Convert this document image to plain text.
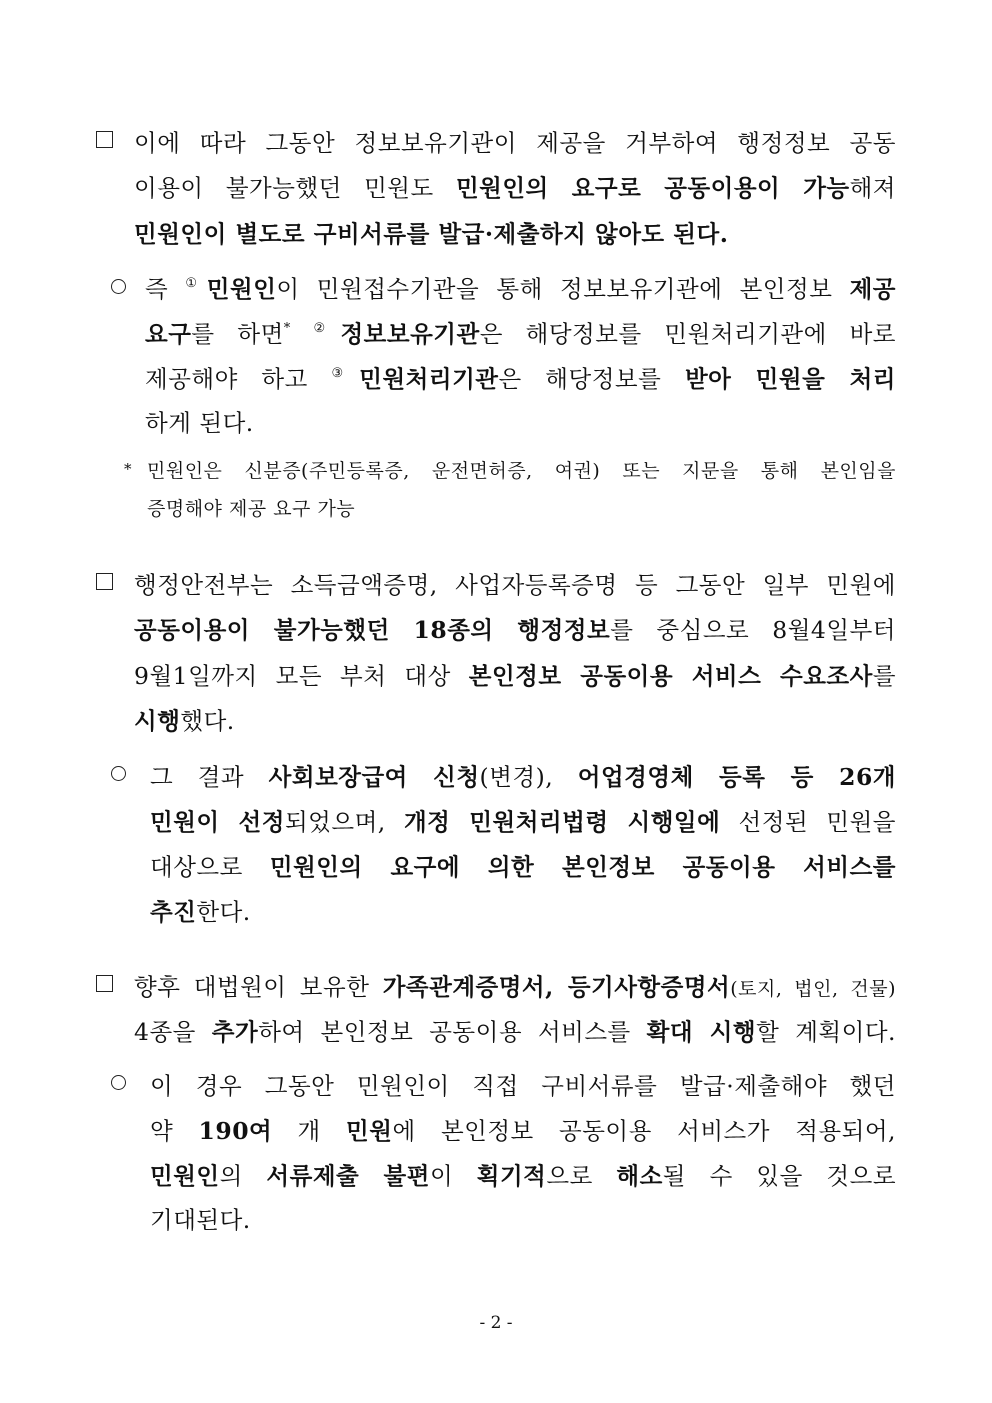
이에 따라 그동안 정보보유기관이 제공을 거부하여 행정정보 공동
이용이 불가능했던 민원도 민원인의 요구로 공동이용이 가능해져
민원인이 별도로 구비서류를 발급·제출하지 않아도 된다.
즉 ①민원인이 민원접수기관을 통해 정보보유기관에 본인정보 제공
요구를 하면* ②정보보유기관은 해당정보를 민원처리기관에 바로
제공해야 하고 ③민원처리기관은 해당정보를 받아 민원을 처리
하게 된다.
* 민원인은 신분증(주민등록증, 운전면허증, 여권) 또는 지문을 통해 본인임을
증명해야 제공 요구 가능
행정안전부는 소득금액증명, 사업자등록증명 등 그동안 일부 민원에
공동이용이 불가능했던 18종의 행정정보를 중심으로 8월4일부터
9월1일까지 모든 부처 대상 본인정보 공동이용 서비스 수요조사를
시행했다.
그 결과 사회보장급여 신청(변경), 어업경영체 등록 등 26개
민원이 선정되었으며, 개정 민원처리법령 시행일에 선정된 민원을
대상으로 민원인의 요구에 의한 본인정보 공동이용 서비스를
추진한다.
향후 대법원이 보유한 가족관계증명서, 등기사항증명서(토지, 법인, 건물)
4종을 추가하여 본인정보 공동이용 서비스를 확대 시행할 계획이다.
이 경우 그동안 민원인이 직접 구비서류를 발급·제출해야 했던
약 190여 개 민원에 본인정보 공동이용 서비스가 적용되어,
민원인의 서류제출 불편이 획기적으로 해소될 수 있을 것으로
기대된다.
- 2 -
